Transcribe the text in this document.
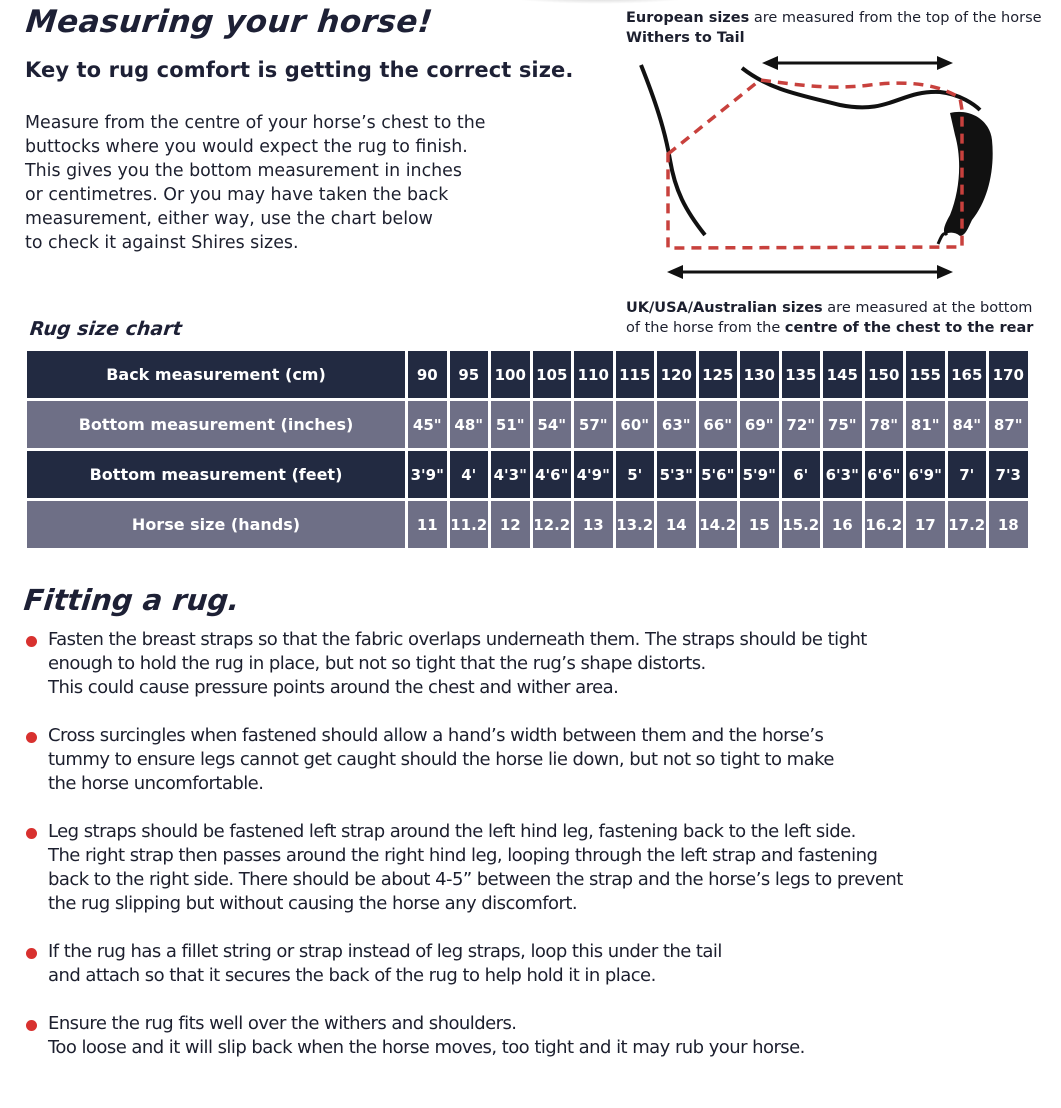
Measuring your horse!
Key to rug comfort is getting the correct size.
Measure from the centre of your horse’s chest to the
buttocks where you would expect the rug to finish.
This gives you the bottom measurement in inches
or centimetres. Or you may have taken the back
measurement, either way, use the chart below
to check it against Shires sizes.
European sizes are measured from the top of the horse
Withers to Tail
UK/USA/Australian sizes are measured at the bottom
of the horse from the centre of the chest to the rear
Rug size chart
Back measurement (cm)	90	95	100	105	110	115	120	125	130	135	145	150	155	165	170
Bottom measurement (inches)	45"	48"	51"	54"	57"	60"	63"	66"	69"	72"	75"	78"	81"	84"	87"
Bottom measurement (feet)	3'9"	4'	4'3"	4'6"	4'9"	5'	5'3"	5'6"	5'9"	6'	6'3"	6'6"	6'9"	7'	7'3
Horse size (hands)	11	11.2	12	12.2	13	13.2	14	14.2	15	15.2	16	16.2	17	17.2	18
Fitting a rug.
Fasten the breast straps so that the fabric overlaps underneath them. The straps should be tight
enough to hold the rug in place, but not so tight that the rug’s shape distorts.
This could cause pressure points around the chest and wither area.
Cross surcingles when fastened should allow a hand’s width between them and the horse’s
tummy to ensure legs cannot get caught should the horse lie down, but not so tight to make
the horse uncomfortable.
Leg straps should be fastened left strap around the left hind leg, fastening back to the left side.
The right strap then passes around the right hind leg, looping through the left strap and fastening
back to the right side. There should be about 4-5” between the strap and the horse’s legs to prevent
the rug slipping but without causing the horse any discomfort.
If the rug has a fillet string or strap instead of leg straps, loop this under the tail
and attach so that it secures the back of the rug to help hold it in place.
Ensure the rug fits well over the withers and shoulders.
Too loose and it will slip back when the horse moves, too tight and it may rub your horse.
